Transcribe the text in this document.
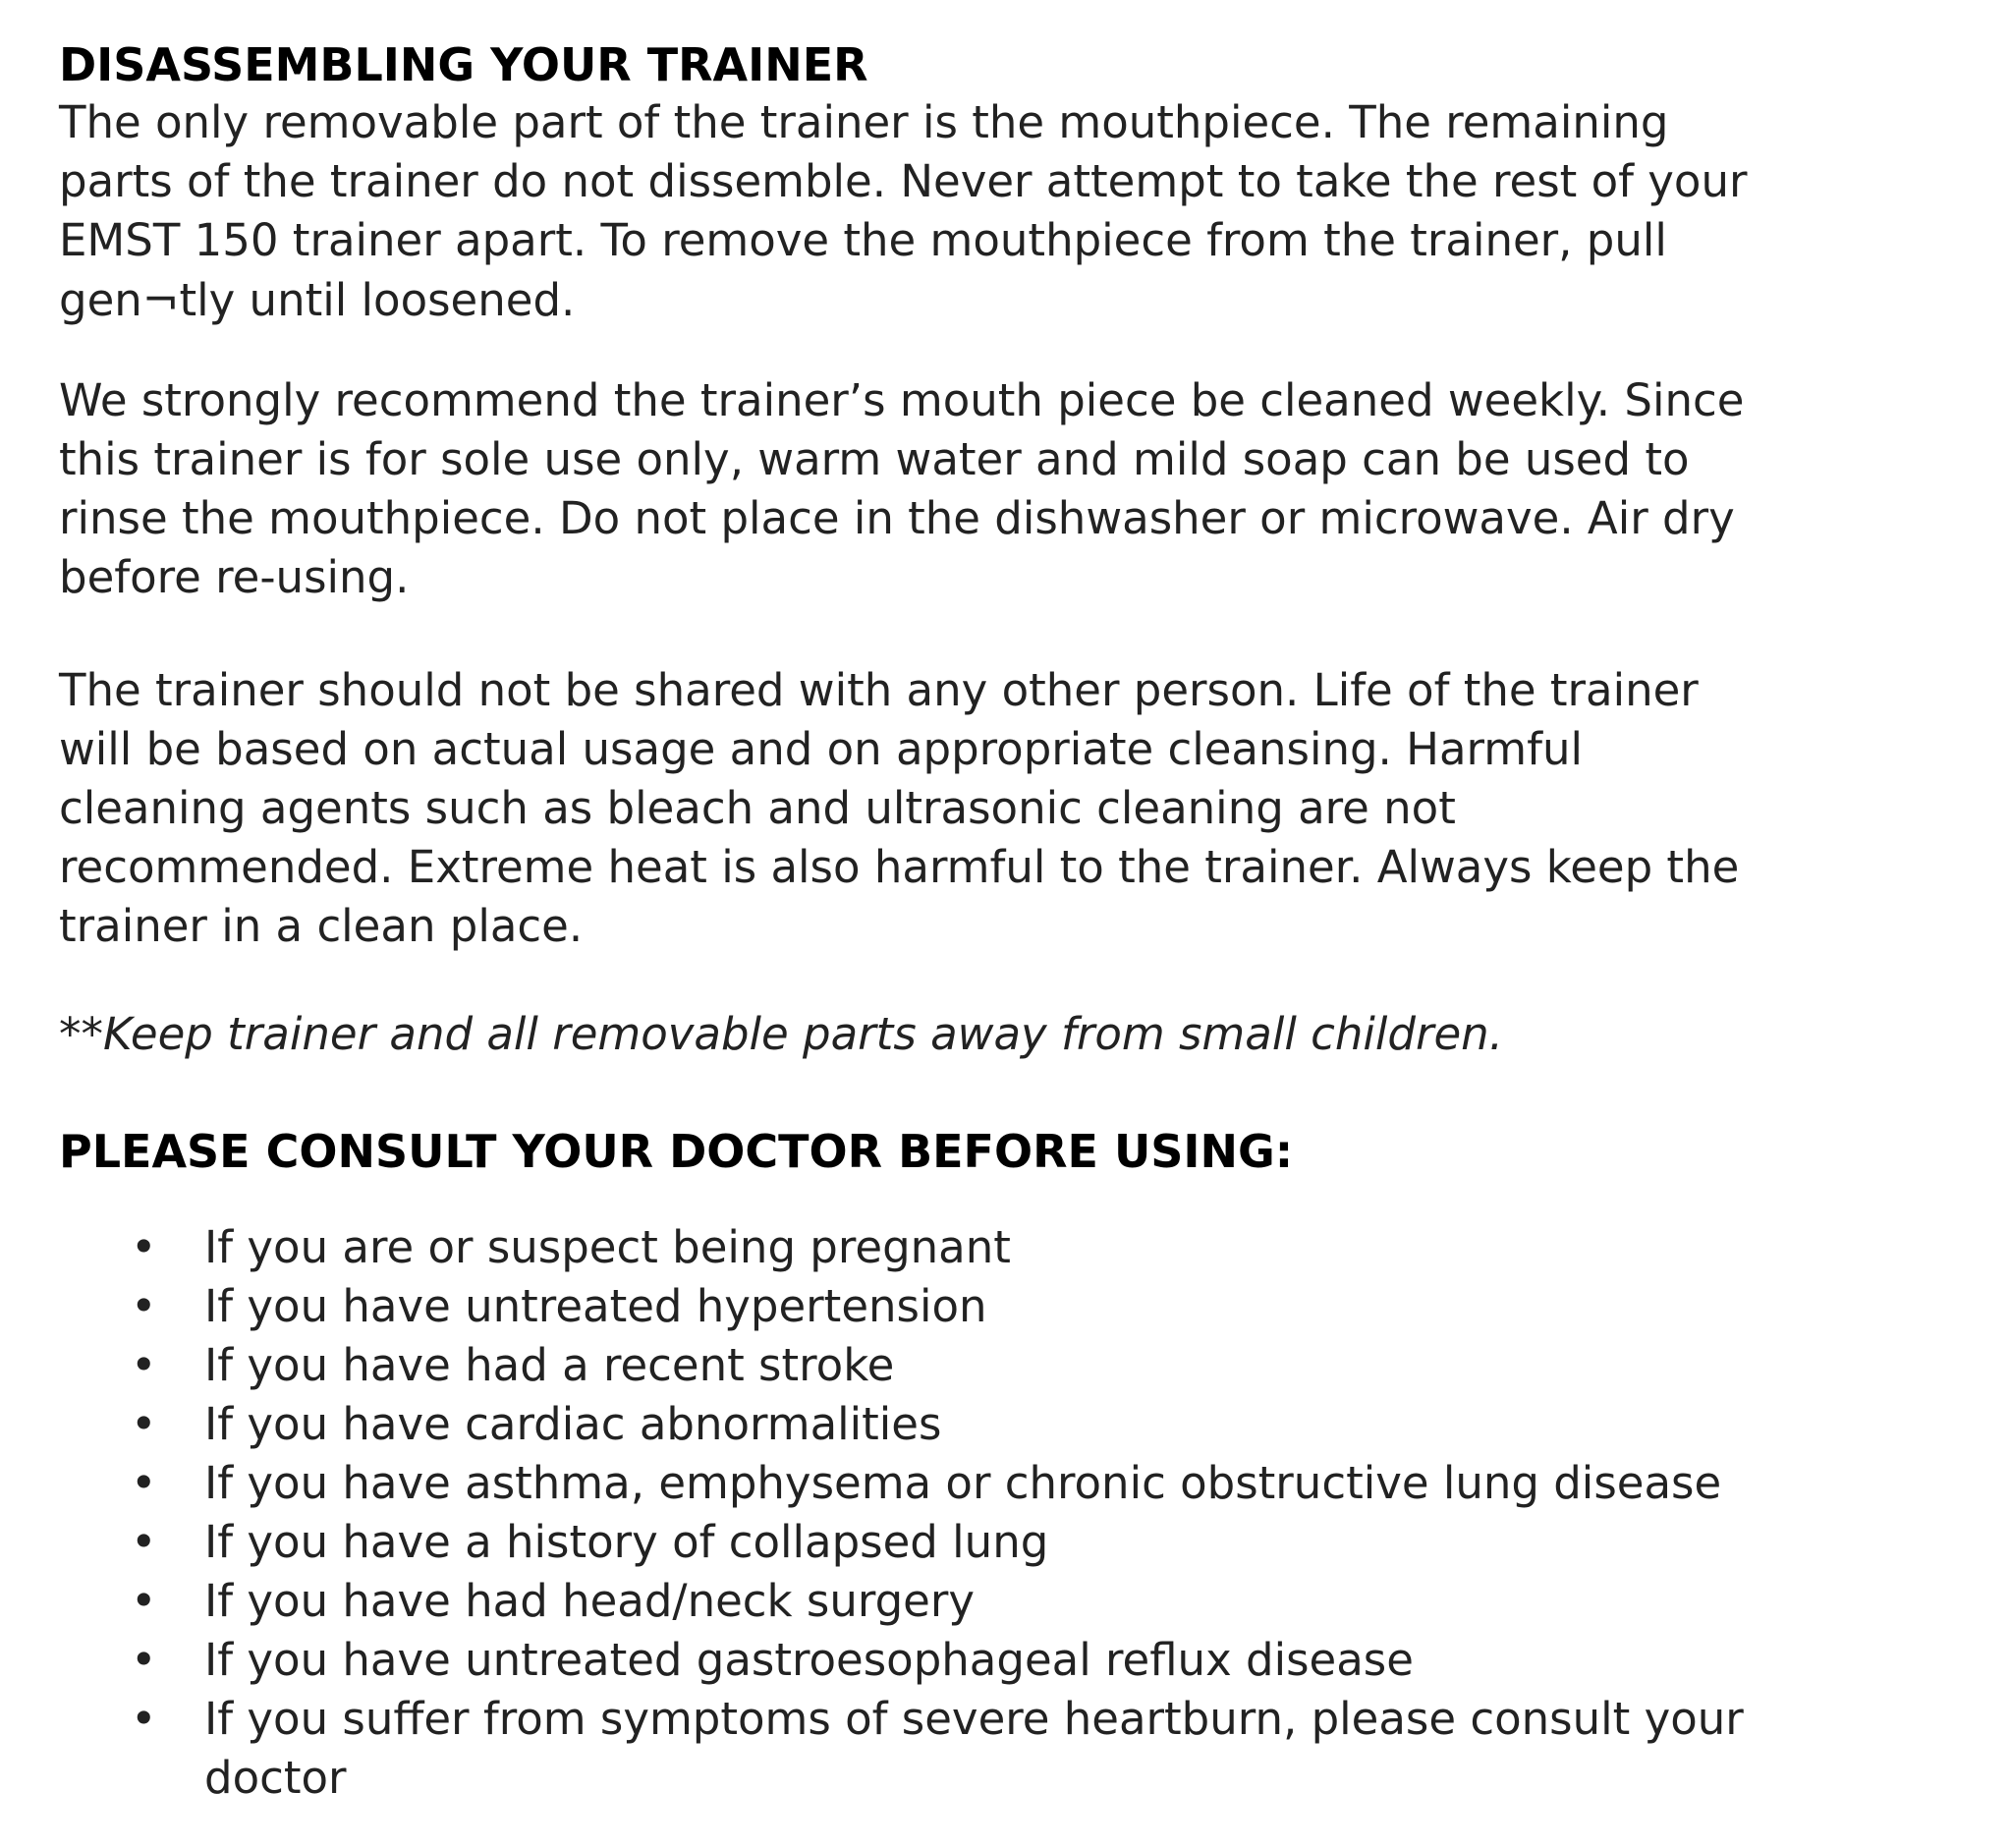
DISASSEMBLING YOUR TRAINER
The only removable part of the trainer is the mouthpiece. The remaining
parts of the trainer do not dissemble. Never attempt to take the rest of your
EMST 150 trainer apart. To remove the mouthpiece from the trainer, pull
gen¬tly until loosened.
We strongly recommend the trainer’s mouth piece be cleaned weekly. Since
this trainer is for sole use only, warm water and mild soap can be used to
rinse the mouthpiece. Do not place in the dishwasher or microwave. Air dry
before re-using.
The trainer should not be shared with any other person. Life of the trainer
will be based on actual usage and on appropriate cleansing. Harmful
cleaning agents such as bleach and ultrasonic cleaning are not
recommended. Extreme heat is also harmful to the trainer. Always keep the
trainer in a clean place.
**Keep trainer and all removable parts away from small children.
PLEASE CONSULT YOUR DOCTOR BEFORE USING:
• If you are or suspect being pregnant
• If you have untreated hypertension
• If you have had a recent stroke
• If you have cardiac abnormalities
• If you have asthma, emphysema or chronic obstructive lung disease
• If you have a history of collapsed lung
• If you have had head/neck surgery
• If you have untreated gastroesophageal reflux disease
• If you suffer from symptoms of severe heartburn, please consult your
doctor
